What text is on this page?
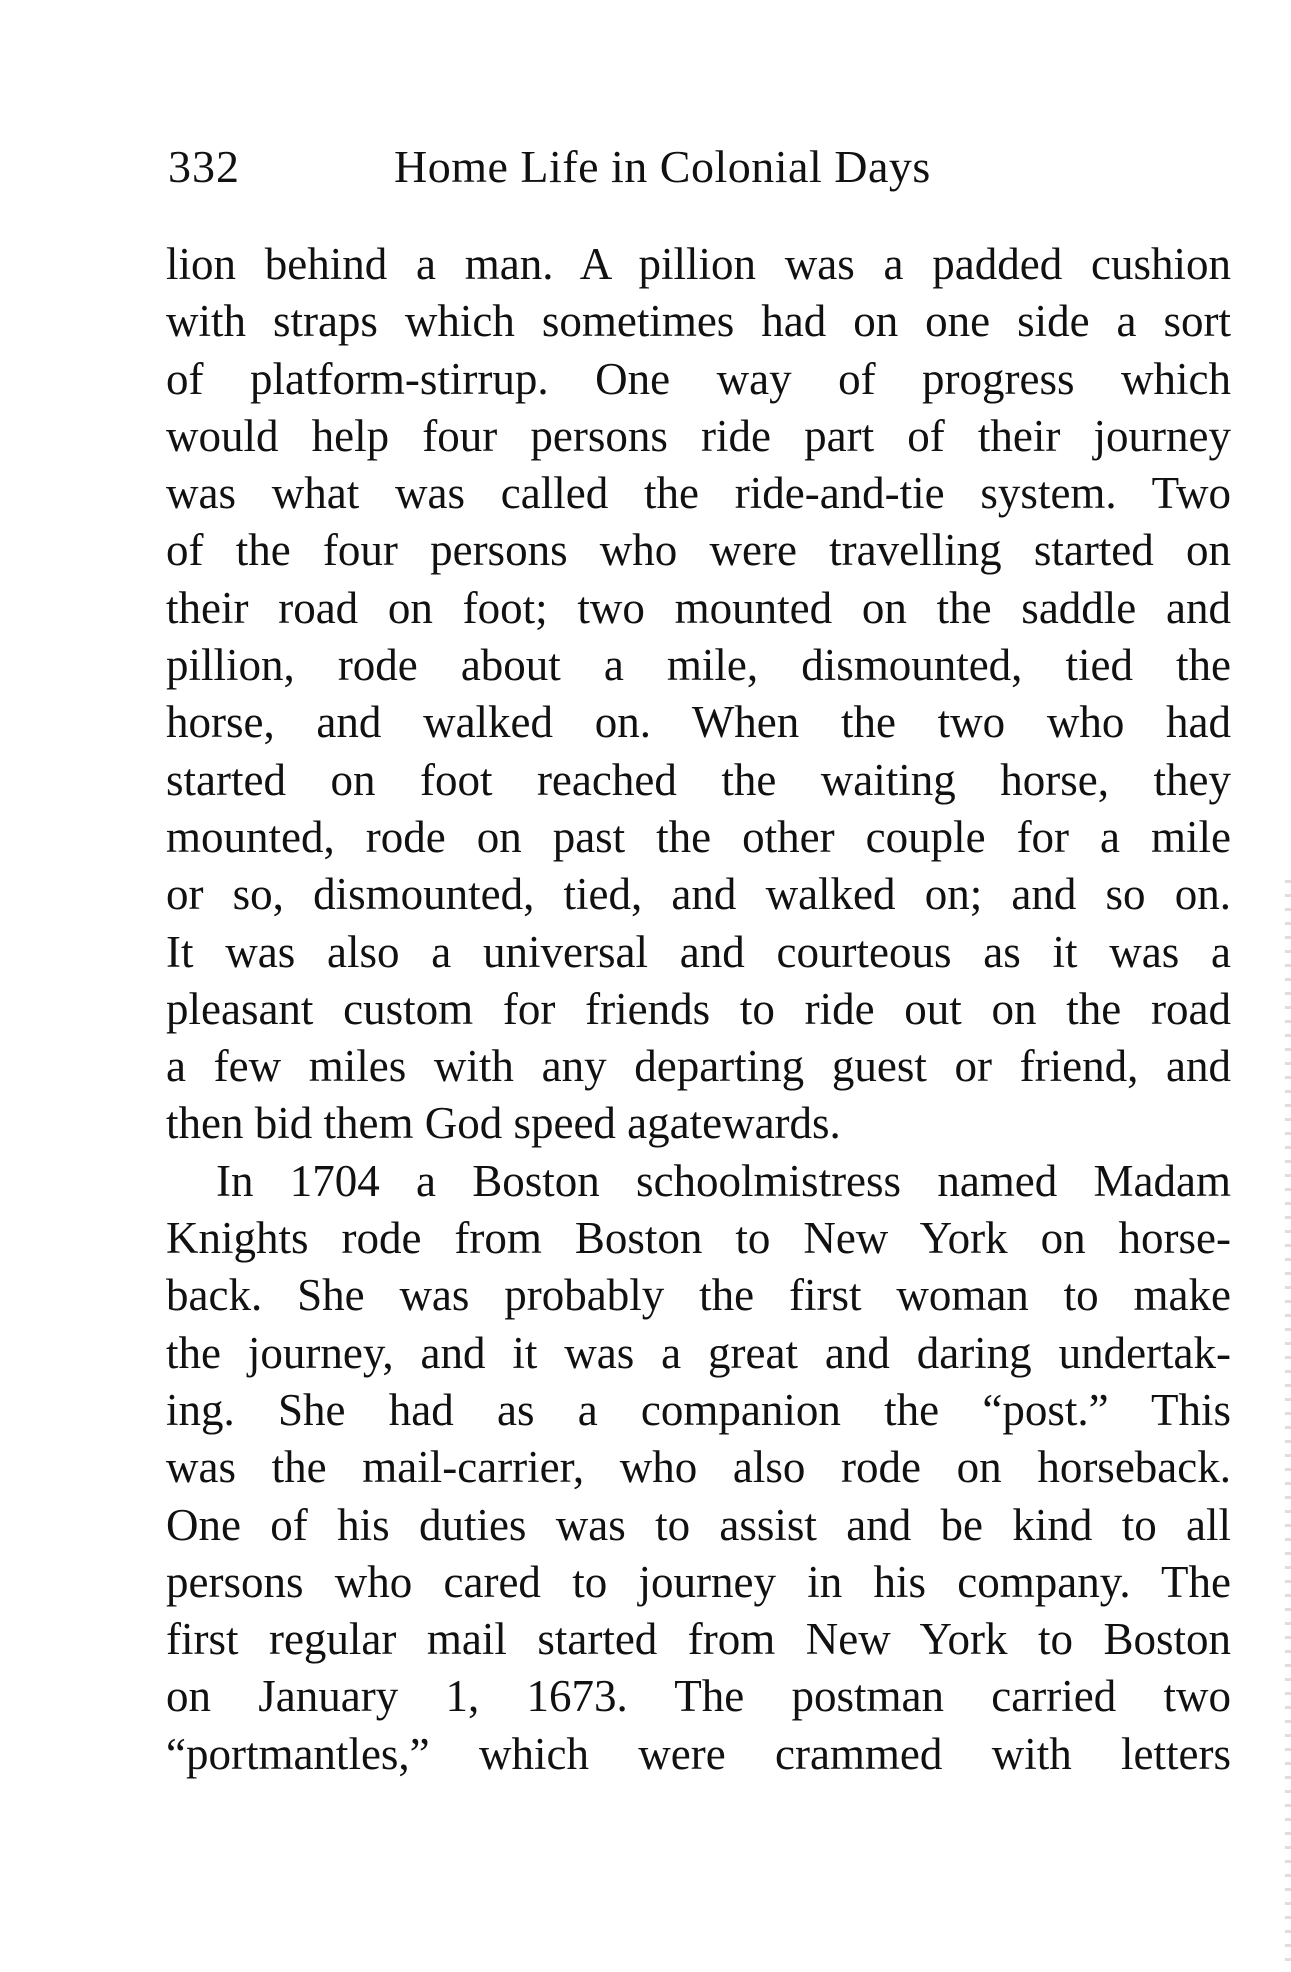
332	Home Life in Colonial Days
lion behind a man. A pillion was a padded cushion
with straps which sometimes had on one side a sort
of platform-stirrup. One way of progress which
would help four persons ride part of their journey
was what was called the ride-and-tie system. Two
of the four persons who were travelling started on
their road on foot; two mounted on the saddle and
pillion, rode about a mile, dismounted, tied the
horse, and walked on. When the two who had
started on foot reached the waiting horse, they
mounted, rode on past the other couple for a mile
or so, dismounted, tied, and walked on; and so on.
It was also a universal and courteous as it was a
pleasant custom for friends to ride out on the road
a few miles with any departing guest or friend, and
then bid them God speed agatewards.
In 1704 a Boston schoolmistress named Madam
Knights rode from Boston to New York on horse-
back. She was probably the first woman to make
the journey, and it was a great and daring undertak-
ing. She had as a companion the “post.” This
was the mail-carrier, who also rode on horseback.
One of his duties was to assist and be kind to all
persons who cared to journey in his company. The
first regular mail started from New York to Boston
on January 1, 1673. The postman carried two
“portmantles,” which were crammed with letters
